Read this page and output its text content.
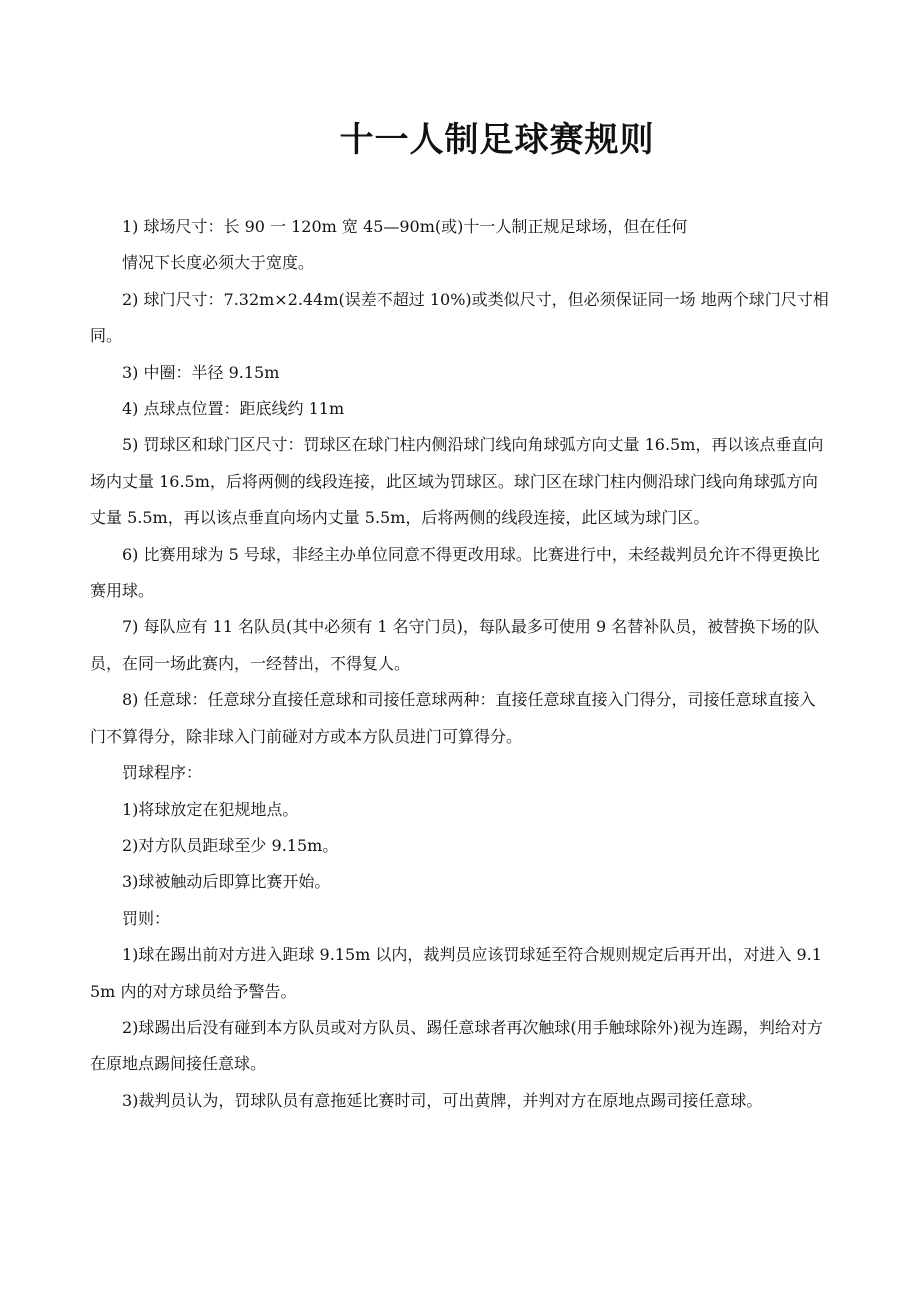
十一人制足球赛规则

1) 球场尺寸：长 90 一 120m 宽 45—90m(或)十一人制正规足球场，但在任何

情况下长度必须大于宽度。

2) 球门尺寸：7.32m×2.44m(误差不超过 10%)或类似尺寸，但必须保证同一场 地两个球门尺寸相同。

3) 中圈：半径 9.15m

4) 点球点位置：距底线约 11m

5) 罚球区和球门区尺寸：罚球区在球门柱内侧沿球门线向角球弧方向丈量 16.5m，再以该点垂直向场内丈量 16.5m，后将两侧的线段连接，此区域为罚球区。球门区在球门柱内侧沿球门线向角球弧方向丈量 5.5m，再以该点垂直向场内丈量 5.5m，后将两侧的线段连接，此区域为球门区。

6) 比赛用球为 5 号球，非经主办单位同意不得更改用球。比赛进行中，未经裁判员允许不得更换比赛用球。

7) 每队应有 11 名队员(其中必须有 1 名守门员)，每队最多可使用 9 名替补队员，被替换下场的队员，在同一场此赛内，一经替出，不得复人。

8) 任意球：任意球分直接任意球和司接任意球两种：直接任意球直接入门得分，司接任意球直接入门不算得分，除非球入门前碰对方或本方队员进门可算得分。

罚球程序：

1)将球放定在犯规地点。

2)对方队员距球至少 9.15m。

3)球被触动后即算比赛开始。

罚则：

1)球在踢出前对方进入距球 9.15m 以内，裁判员应该罚球延至符合规则规定后再开出，对进入 9.15m 内的对方球员给予警告。

2)球踢出后没有碰到本方队员或对方队员、踢任意球者再次触球(用手触球除外)视为连踢，判给对方在原地点踢间接任意球。

3)裁判员认为，罚球队员有意拖延比赛时司，可出黄牌，并判对方在原地点踢司接任意球。
